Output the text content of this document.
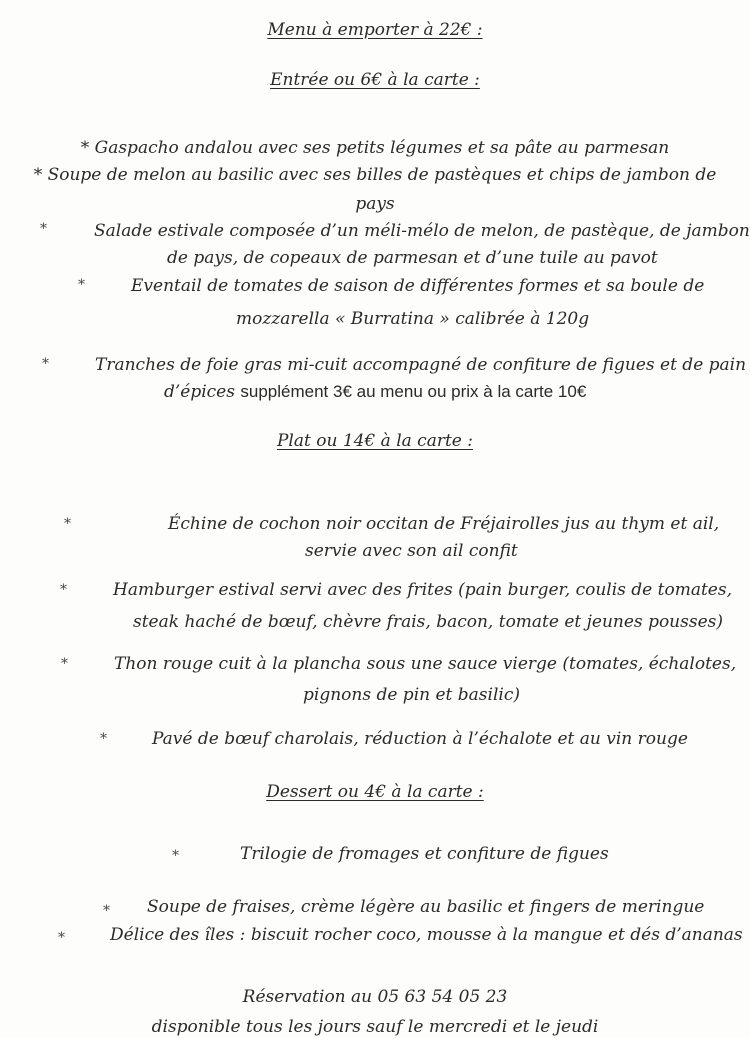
Menu à emporter à 22€ :
Entrée ou 6€ à la carte :
* Gaspacho andalou avec ses petits légumes et sa pâte au parmesan
* Soupe de melon au basilic avec ses billes de pastèques et chips de jambon de
pays
*	Salade estivale composée d’un méli-mélo de melon, de pastèque, de jambon
de pays, de copeaux de parmesan et d’une tuile au pavot
*	Eventail de tomates de saison de différentes formes et sa boule de
mozzarella « Burratina » calibrée à 120g
*	Tranches de foie gras mi-cuit accompagné de confiture de figues et de pain
d’épices supplément 3€ au menu ou prix à la carte 10€
Plat ou 14€ à la carte :
*	Échine de cochon noir occitan de Fréjairolles jus au thym et ail,
servie avec son ail confit
*	Hamburger estival servi avec des frites (pain burger, coulis de tomates,
steak haché de bœuf, chèvre frais, bacon, tomate et jeunes pousses)
*	Thon rouge cuit à la plancha sous une sauce vierge (tomates, échalotes,
pignons de pin et basilic)
*	Pavé de bœuf charolais, réduction à l’échalote et au vin rouge
Dessert ou 4€ à la carte :
*	Trilogie de fromages et confiture de figues
* Soupe de fraises, crème légère au basilic et fingers de meringue
*	Délice des îles : biscuit rocher coco, mousse à la mangue et dés d’ananas
Réservation au 05 63 54 05 23
disponible tous les jours sauf le mercredi et le jeudi
